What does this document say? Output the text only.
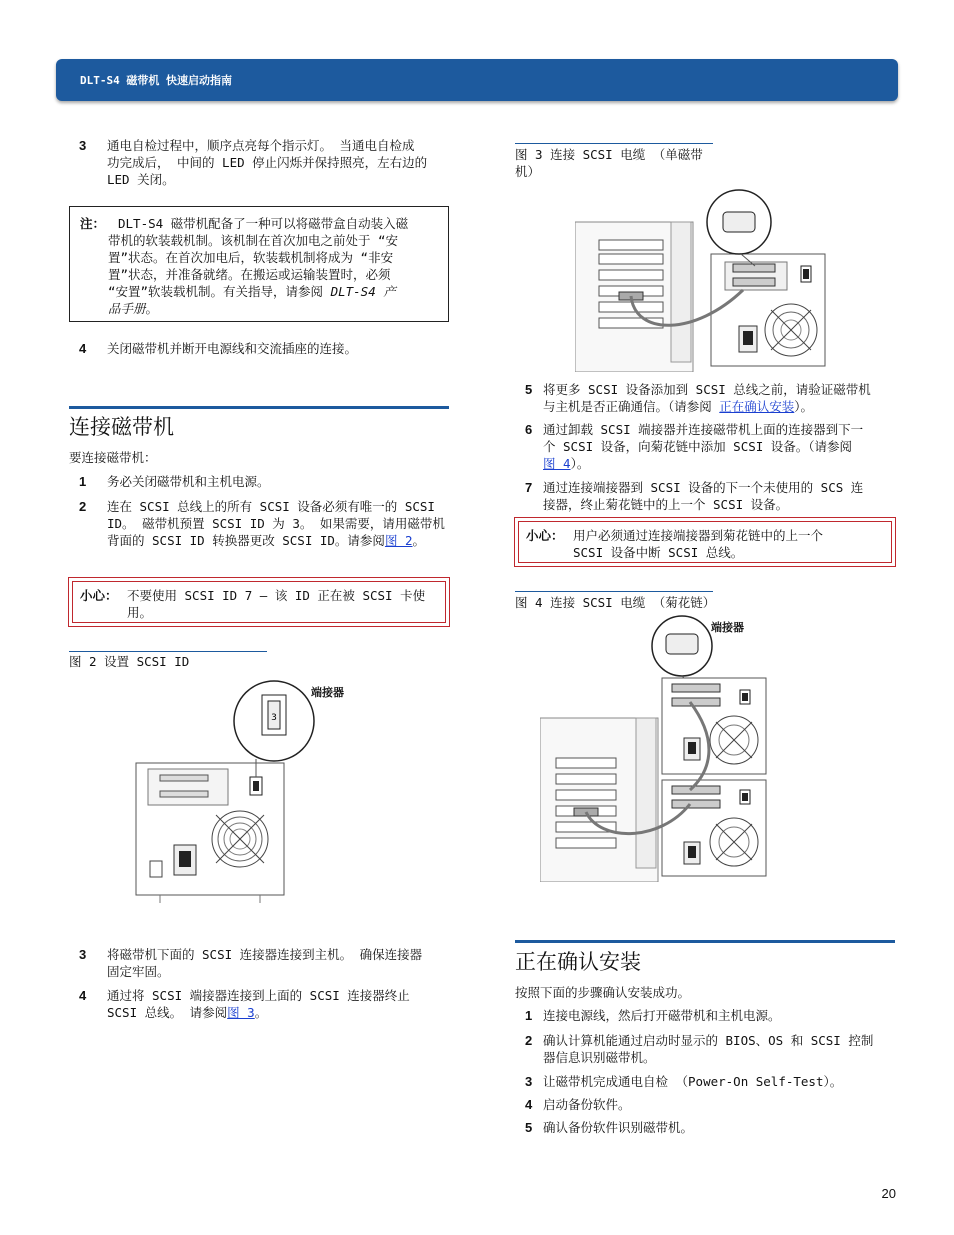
DLT-S4 磁带机 快速启动指南
3 通电自检过程中，顺序点亮每个指示灯。 当通电自检成
功完成后， 中间的 LED 停止闪烁并保持照亮，左右边的
LED 关闭。
注： DLT-S4 磁带机配备了一种可以将磁带盒自动装入磁
带机的软装载机制。该机制在首次加电之前处于 “安
置”状态。在首次加电后，软装载机制将成为 “非安
置”状态，并准备就绪。在搬运或运输装置时，必须
“安置”软装载机制。有关指导，请参阅 DLT-S4 产
品手册。
4 关闭磁带机并断开电源线和交流插座的连接。
连接磁带机
要连接磁带机：
1 务必关闭磁带机和主机电源。
2 连在 SCSI 总线上的所有 SCSI 设备必须有唯一的 SCSI
ID。 磁带机预置 SCSI ID 为 3。 如果需要，请用磁带机
背面的 SCSI ID 转换器更改 SCSI ID。请参阅图 2。
小心： 不要使用 SCSI ID 7 — 该 ID 正在被 SCSI 卡使
用。
图 2 设置 SCSI ID
3
端接器
3 将磁带机下面的 SCSI 连接器连接到主机。 确保连接器
固定牢固。
4 通过将 SCSI 端接器连接到上面的 SCSI 连接器终止
SCSI 总线。 请参阅图 3。
图 3 连接 SCSI 电缆 （单磁带
机）
5 将更多 SCSI 设备添加到 SCSI 总线之前，请验证磁带机
与主机是否正确通信。（请参阅 正在确认安装）。
6 通过卸载 SCSI 端接器并连接磁带机上面的连接器到下一
个 SCSI 设备，向菊花链中添加 SCSI 设备。（请参阅
图 4）。
7 通过连接端接器到 SCSI 设备的下一个未使用的 SCS 连
接器，终止菊花链中的上一个 SCSI 设备。
小心： 用户必须通过连接端接器到菊花链中的上一个
SCSI 设备中断 SCSI 总线。
图 4 连接 SCSI 电缆 （菊花链）
端接器
正在确认安装
按照下面的步骤确认安装成功。
1 连接电源线，然后打开磁带机和主机电源。
2 确认计算机能通过启动时显示的 BIOS、OS 和 SCSI 控制
器信息识别磁带机。
3 让磁带机完成通电自检 （Power-On Self-Test）。
4 启动备份软件。
5 确认备份软件识别磁带机。
20
